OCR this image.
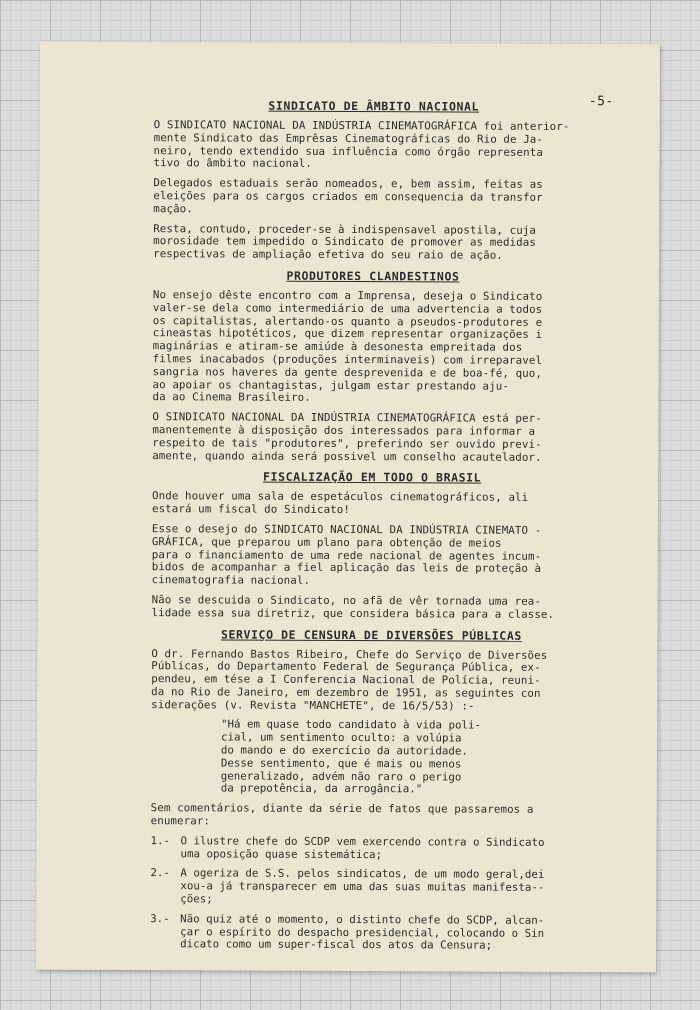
-5-
SINDICATO DE ÂMBITO NACIONAL

O SINDICATO NACIONAL DA INDÚSTRIA CINEMATOGRÁFICA foi anterior-
mente Sindicato das Emprêsas Cinematográficas do Rio de Ja-
neiro, tendo extendido sua influência como órgão representa
tivo do âmbito nacional.

Delegados estaduais serão nomeados, e, bem assim, feitas as
eleições para os cargos criados em consequencia da transfor
mação.

Resta, contudo, proceder-se à indispensavel apostila, cuja
morosidade tem impedido o Sindicato de promover as medidas
respectivas de ampliação efetiva do seu raio de ação.

PRODUTORES CLANDESTINOS

No ensejo dêste encontro com a Imprensa, deseja o Sindicato
valer-se dela como intermediário de uma advertencia a todos
os capitalistas, alertando-os quanto a pseudos-produtores e
cineastas hipotéticos, que dizem representar organizações i
maginárias e atiram-se amiúde à desonesta empreitada dos
filmes inacabados (produções interminaveis) com irreparavel
sangria nos haveres da gente desprevenida e de boa-fé, quo,
ao apoiar os chantagistas, julgam estar prestando aju-
da ao Cinema Brasileiro.

O SINDICATO NACIONAL DA INDÚSTRIA CINEMATOGRÁFICA está per-
manentemente à disposição dos interessados para informar a
respeito de tais "produtores", preferindo ser ouvido previ-
amente, quando ainda será possivel um conselho acautelador.

FISCALIZAÇÃO EM TODO O BRASIL

Onde houver uma sala de espetáculos cinematográficos, ali
estará um fiscal do Sindicato!

Esse o desejo do SINDICATO NACIONAL DA INDÚSTRIA CINEMATO -
GRÁFICA, que preparou um plano para obtenção de meios
para o financiamento de uma rede nacional de agentes incum-
bidos de acompanhar a fiel aplicação das leis de proteção à
cinematografia nacional.

Não se descuida o Sindicato, no afã de vêr tornada uma rea-
lidade essa sua diretriz, que considera básica para a classe.

SERVIÇO DE CENSURA DE DIVERSÕES PÚBLICAS

O dr. Fernando Bastos Ribeiro, Chefe do Serviço de Diversões
Públicas, do Departamento Federal de Segurança Pública, ex-
pendeu, em tése a I Conferencia Nacional de Polícia, reuni-
da no Rio de Janeiro, em dezembro de 1951, as seguintes con
siderações (v. Revista "MANCHETE", de 16/5/53) :-

"Há em quase todo candidato à vida poli-
cial, um sentimento oculto: a volúpia
do mando e do exercício da autoridade.
Desse sentimento, que é mais ou menos
generalizado, advém não raro o perigo
da prepotência, da arrogância."

Sem comentários, diante da série de fatos que passaremos a
enumerar:

1.- O ilustre chefe do SCDP vem exercendo contra o Sindicato
uma oposição quase sistemática;
2.- A ogeriza de S.S. pelos sindicatos, de um modo geral,dei
xou-a já transparecer em uma das suas muitas manifesta--
ções;
3.- Não quiz até o momento, o distinto chefe do SCDP, alcan-
çar o espírito do despacho presidencial, colocando o Sin
dicato como um super-fiscal dos atos da Censura;
